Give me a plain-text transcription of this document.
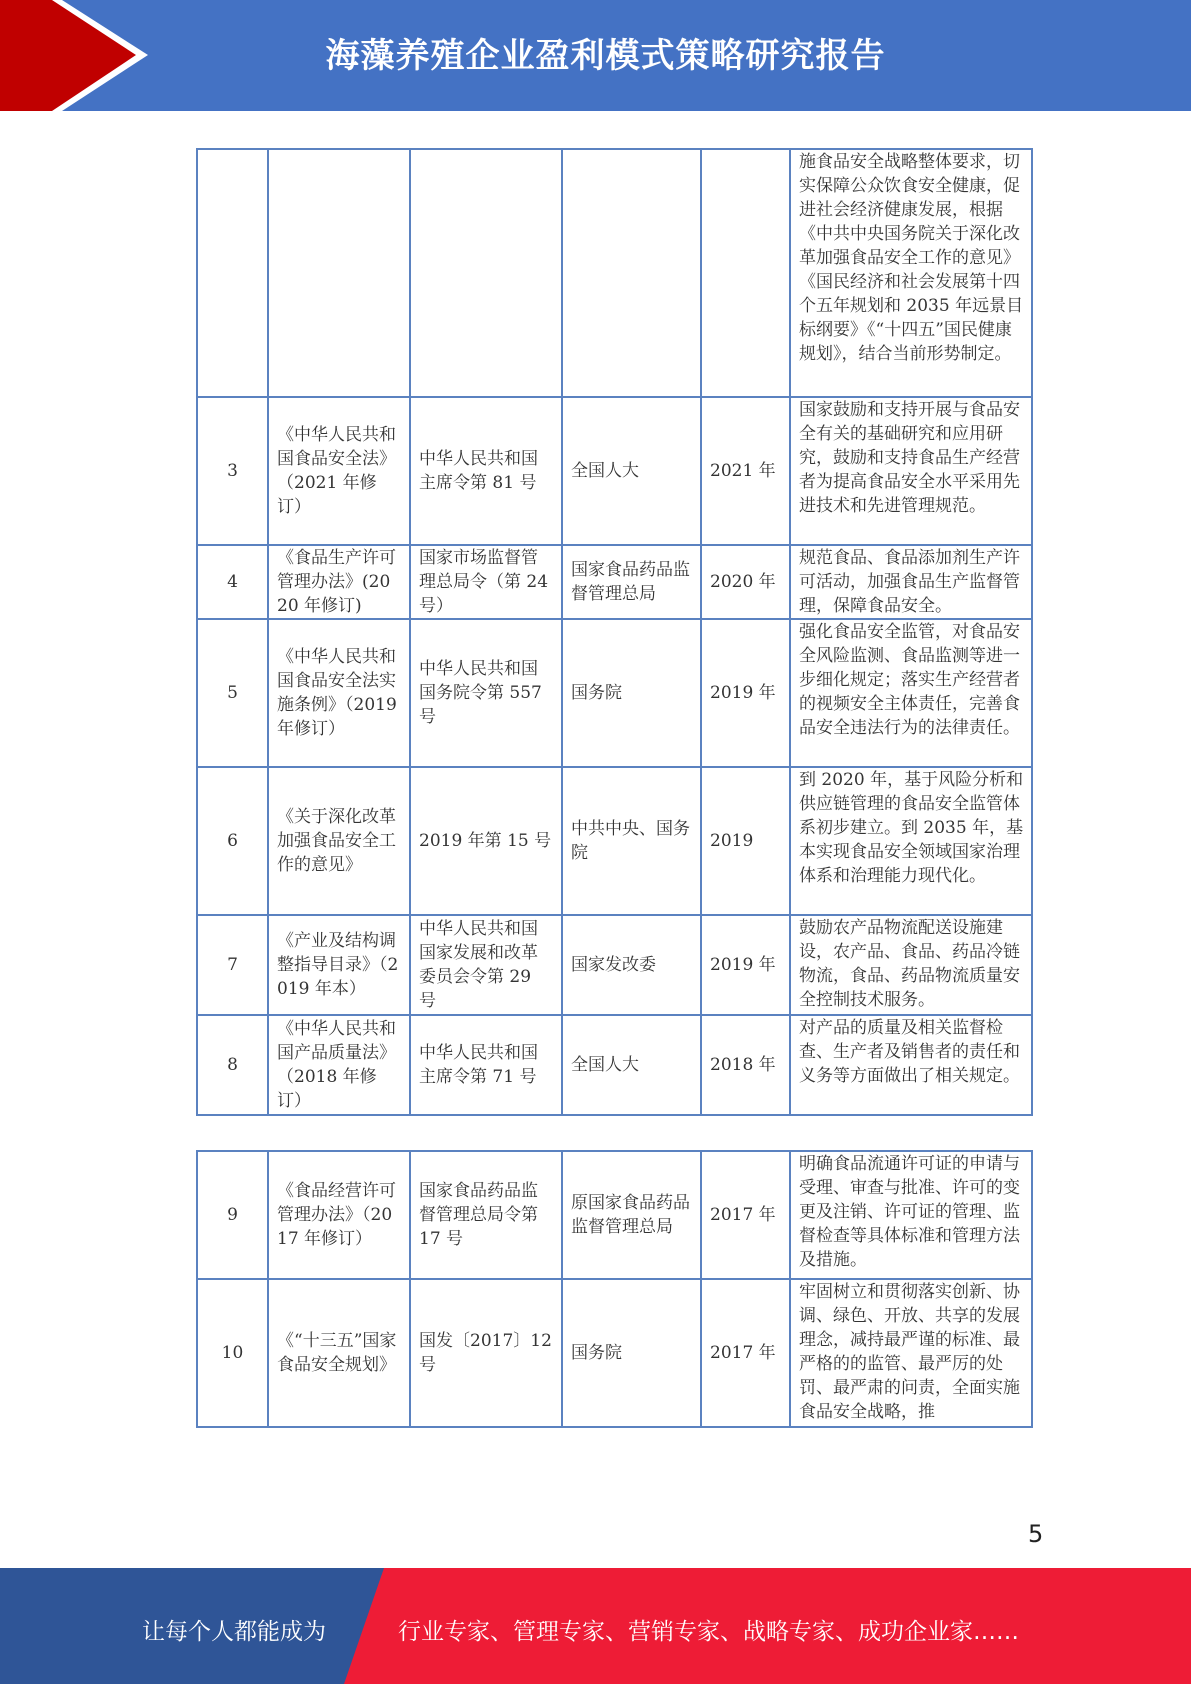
海藻养殖企业盈利模式策略研究报告
					施食品安全战略整体要求，切实保障公众饮食安全健康，促进社会经济健康发展，根据《中共中央国务院关于深化改革加强食品安全工作的意见》《国民经济和社会发展第十四个五年规划和 2035 年远景目标纲要》《“十四五”国民健康规划》，结合当前形势制定。
3	《中华人民共和国食品安全法》（2021 年修订）	中华人民共和国主席令第 81 号	全国人大	2021 年	国家鼓励和支持开展与食品安全有关的基础研究和应用研究，鼓励和支持食品生产经营者为提高食品安全水平采用先进技术和先进管理规范。
4	《食品生产许可管理办法》(2020 年修订)	国家市场监督管理总局令（第 24 号）	国家食品药品监督管理总局	2020 年	规范食品、食品添加剂生产许可活动，加强食品生产监督管理，保障食品安全。
5	《中华人民共和国食品安全法实施条例》（2019 年修订）	中华人民共和国国务院令第 557 号	国务院	2019 年	强化食品安全监管，对食品安全风险监测、食品监测等进一步细化规定；落实生产经营者的视频安全主体责任，完善食品安全违法行为的法律责任。
6	《关于深化改革加强食品安全工作的意见》	2019 年第 15 号	中共中央、国务院	2019	到 2020 年，基于风险分析和供应链管理的食品安全监管体系初步建立。到 2035 年，基本实现食品安全领域国家治理体系和治理能力现代化。
7	《产业及结构调整指导目录》（2019 年本）	中华人民共和国国家发展和改革委员会令第 29 号	国家发改委	2019 年	鼓励农产品物流配送设施建设，农产品、食品、药品冷链物流，食品、药品物流质量安全控制技术服务。
8	《中华人民共和国产品质量法》（2018 年修订）	中华人民共和国主席令第 71 号	全国人大	2018 年	对产品的质量及相关监督检查、生产者及销售者的责任和义务等方面做出了相关规定。
9	《食品经营许可管理办法》（2017 年修订）	国家食品药品监督管理总局令第 17 号	原国家食品药品监督管理总局	2017 年	明确食品流通许可证的申请与受理、审查与批准、许可的变更及注销、许可证的管理、监督检查等具体标准和管理方法及措施。
10	《“十三五”国家食品安全规划》	国发〔2017〕12 号	国务院	2017 年	牢固树立和贯彻落实创新、协调、绿色、开放、共享的发展理念，减持最严谨的标准、最严格的的监管、最严厉的处罚、最严肃的问责，全面实施食品安全战略，推
5
让每个人都能成为	行业专家、管理专家、营销专家、战略专家、成功企业家……
